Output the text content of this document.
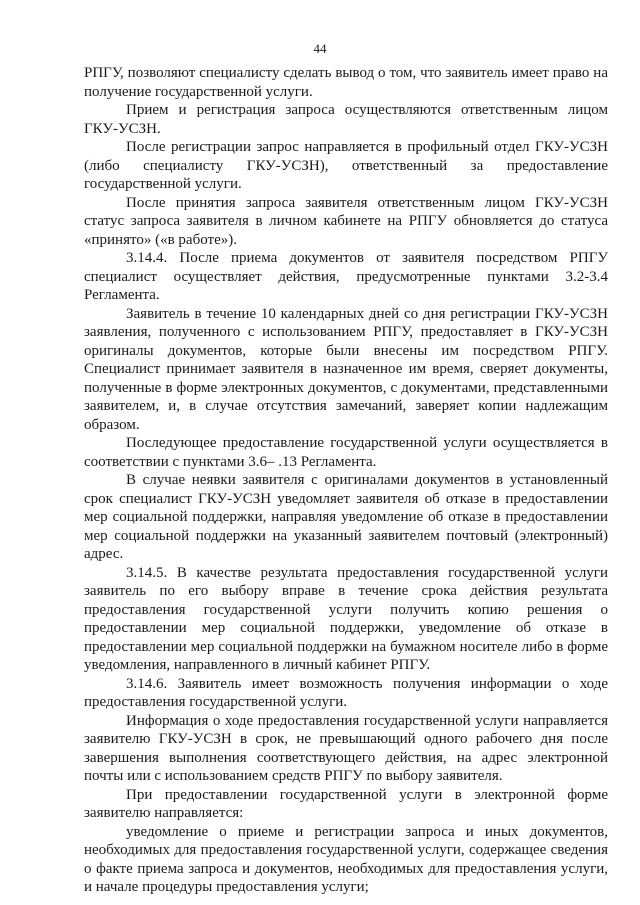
44

РПГУ, позволяют специалисту сделать вывод о том, что заявитель имеет право на получение государственной услуги.

Прием и регистрация запроса осуществляются ответственным лицом ГКУ-УСЗН.

После регистрации запрос направляется в профильный отдел ГКУ-УСЗН (либо специалисту ГКУ-УСЗН), ответственный за предоставление государственной услуги.

После принятия запроса заявителя ответственным лицом ГКУ-УСЗН статус запроса заявителя в личном кабинете на РПГУ обновляется до статуса «принято» («в работе»).

3.14.4. После приема документов от заявителя посредством РПГУ специалист осуществляет действия, предусмотренные пунктами 3.2-3.4 Регламента.

Заявитель в течение 10 календарных дней со дня регистрации ГКУ-УСЗН заявления, полученного с использованием РПГУ, предоставляет в ГКУ-УСЗН оригиналы документов, которые были внесены им посредством РПГУ. Специалист принимает заявителя в назначенное им время, сверяет документы, полученные в форме электронных документов, с документами, представленными заявителем, и, в случае отсутствия замечаний, заверяет копии надлежащим образом.

Последующее предоставление государственной услуги осуществляется в соответствии с пунктами 3.6– .13 Регламента.

В случае неявки заявителя с оригиналами документов в установленный срок специалист ГКУ-УСЗН уведомляет заявителя об отказе в предоставлении мер социальной поддержки, направляя уведомление об отказе в предоставлении мер социальной поддержки на указанный заявителем почтовый (электронный) адрес.

3.14.5. В качестве результата предоставления государственной услуги заявитель по его выбору вправе в течение срока действия результата предоставления государственной услуги получить копию решения о предоставлении мер социальной поддержки, уведомление об отказе в предоставлении мер социальной поддержки на бумажном носителе либо в форме уведомления, направленного в личный кабинет РПГУ.

3.14.6. Заявитель имеет возможность получения информации о ходе предоставления государственной услуги.

Информация о ходе предоставления государственной услуги направляется заявителю ГКУ-УСЗН в срок, не превышающий одного рабочего дня после завершения выполнения соответствующего действия, на адрес электронной почты или с использованием средств РПГУ по выбору заявителя.

При предоставлении государственной услуги в электронной форме заявителю направляется:

уведомление о приеме и регистрации запроса и иных документов, необходимых для предоставления государственной услуги, содержащее сведения о факте приема запроса и документов, необходимых для предоставления услуги, и начале процедуры предоставления услуги;
